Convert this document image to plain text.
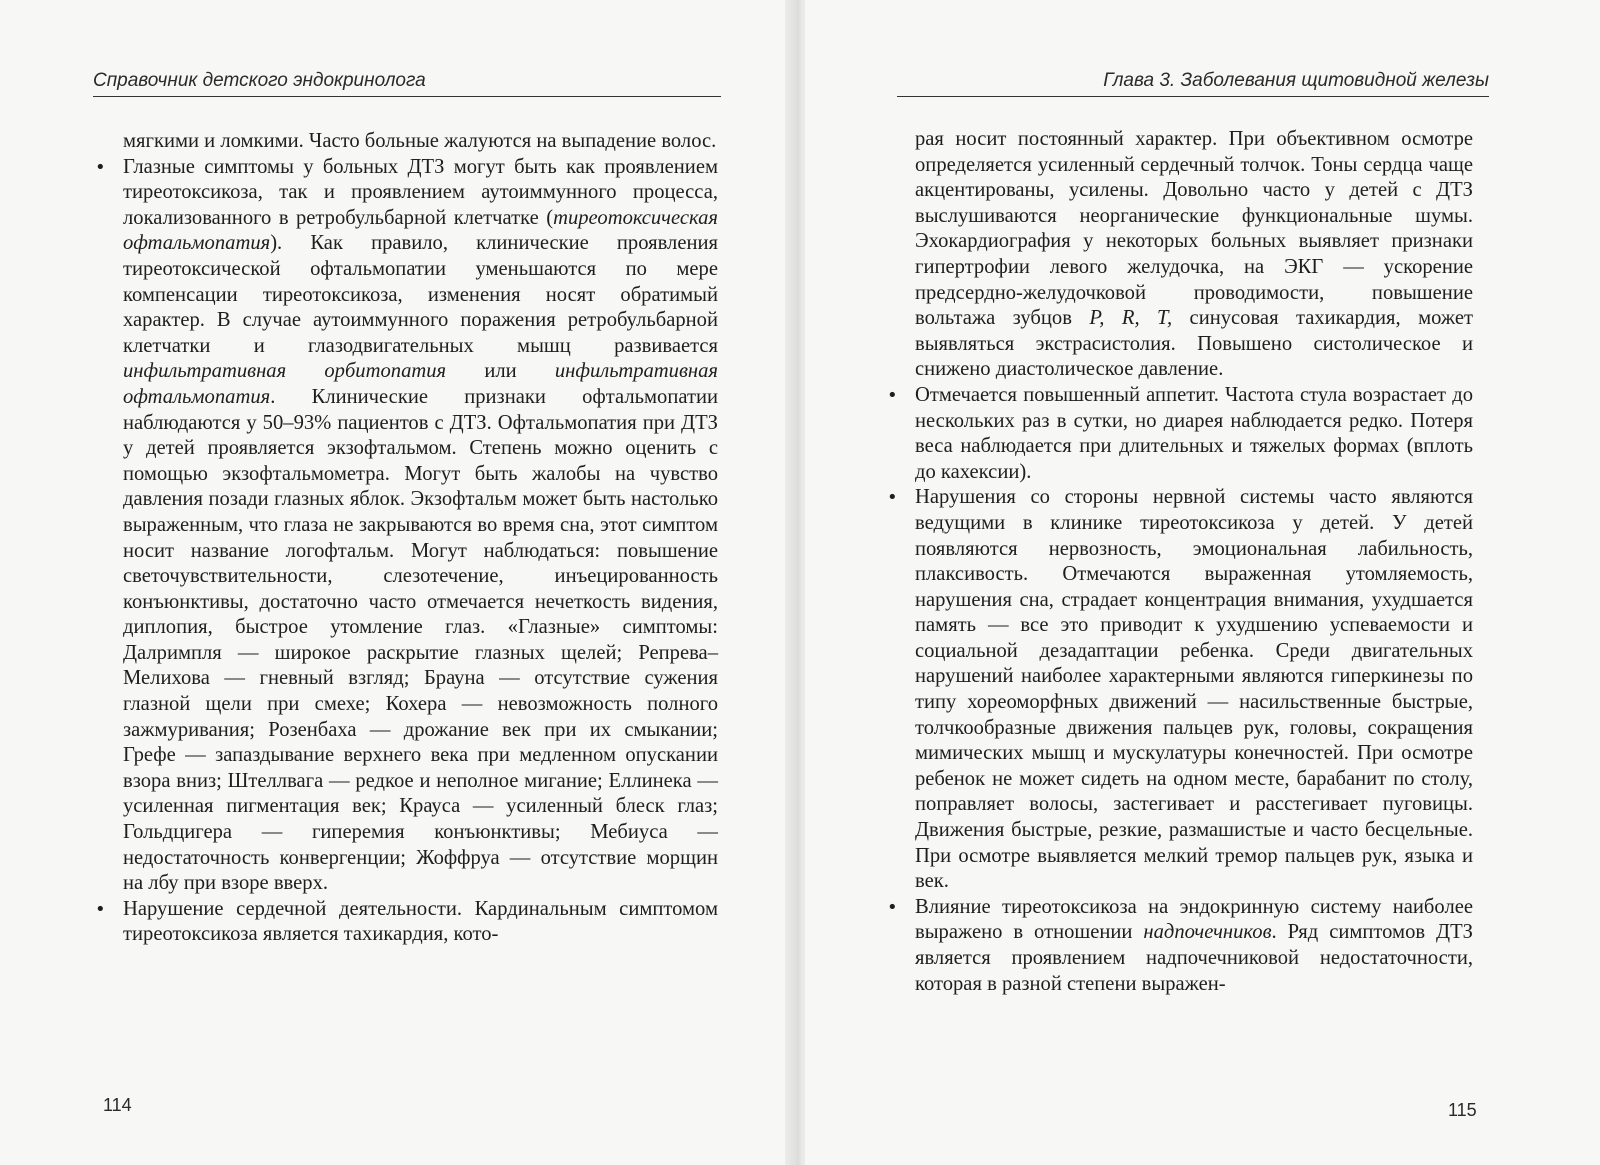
Справочник детского эндокринолога

мягкими и ломкими. Часто больные жалуются на выпадение волос.

• Глазные симптомы у больных ДТЗ могут быть как проявлением тиреотоксикоза, так и проявлением аутоиммунного процесса, локализованного в ретробульбарной клетчатке (тиреотоксическая офтальмопатия). Как правило, клинические проявления тиреотоксической офтальмопатии уменьшаются по мере компенсации тиреотоксикоза, изменения носят обратимый характер. В случае аутоиммунного поражения ретробульбарной клетчатки и глазодвигательных мышц развивается инфильтративная орбитопатия или инфильтративная офтальмопатия. Клинические признаки офтальмопатии наблюдаются у 50–93% пациентов с ДТЗ. Офтальмопатия при ДТЗ у детей проявляется экзофтальмом. Степень можно оценить с помощью экзофтальмометра. Могут быть жалобы на чувство давления позади глазных яблок. Экзофтальм может быть настолько выраженным, что глаза не закрываются во время сна, этот симптом носит название логофтальм. Могут наблюдаться: повышение светочувствительности, слезотечение, инъецированность конъюнктивы, достаточно часто отмечается нечеткость видения, диплопия, быстрое утомление глаз. «Глазные» симптомы: Далримпля — широкое раскрытие глазных щелей; Репрева–Мелихова — гневный взгляд; Брауна — отсутствие сужения глазной щели при смехе; Кохера — невозможность полного зажмуривания; Розенбаха — дрожание век при их смыкании; Грефе — запаздывание верхнего века при медленном опускании взора вниз; Штеллвага — редкое и неполное мигание; Еллинека — усиленная пигментация век; Крауса — усиленный блеск глаз; Гольдцигера — гиперемия конъюнктивы; Мебиуса — недостаточность конвергенции; Жоффруа — отсутствие морщин на лбу при взоре вверх.
• Нарушение сердечной деятельности. Кардинальным симптомом тиреотоксикоза является тахикардия, кото-
114
Глава 3. Заболевания щитовидной железы

рая носит постоянный характер. При объективном осмотре определяется усиленный сердечный толчок. Тоны сердца чаще акцентированы, усилены. Довольно часто у детей с ДТЗ выслушиваются неорганические функциональные шумы. Эхокардиография у некоторых больных выявляет признаки гипертрофии левого желудочка, на ЭКГ — ускорение предсердно-желудочковой проводимости, повышение вольтажа зубцов P, R, T, синусовая тахикардия, может выявляться экстрасистолия. Повышено систолическое и снижено диастолическое давление.

• Отмечается повышенный аппетит. Частота стула возрастает до нескольких раз в сутки, но диарея наблюдается редко. Потеря веса наблюдается при длительных и тяжелых формах (вплоть до кахексии).
• Нарушения со стороны нервной системы часто являются ведущими в клинике тиреотоксикоза у детей. У детей появляются нервозность, эмоциональная лабильность, плаксивость. Отмечаются выраженная утомляемость, нарушения сна, страдает концентрация внимания, ухудшается память — все это приводит к ухудшению успеваемости и социальной дезадаптации ребенка. Среди двигательных нарушений наиболее характерными являются гиперкинезы по типу хореоморфных движений — насильственные быстрые, толчкообразные движения пальцев рук, головы, сокращения мимических мышц и мускулатуры конечностей. При осмотре ребенок не может сидеть на одном месте, барабанит по столу, поправляет волосы, застегивает и расстегивает пуговицы. Движения быстрые, резкие, размашистые и часто бесцельные. При осмотре выявляется мелкий тремор пальцев рук, языка и век.
• Влияние тиреотоксикоза на эндокринную систему наиболее выражено в отношении надпочечников. Ряд симптомов ДТЗ является проявлением надпочечниковой недостаточности, которая в разной степени выражен-
115
